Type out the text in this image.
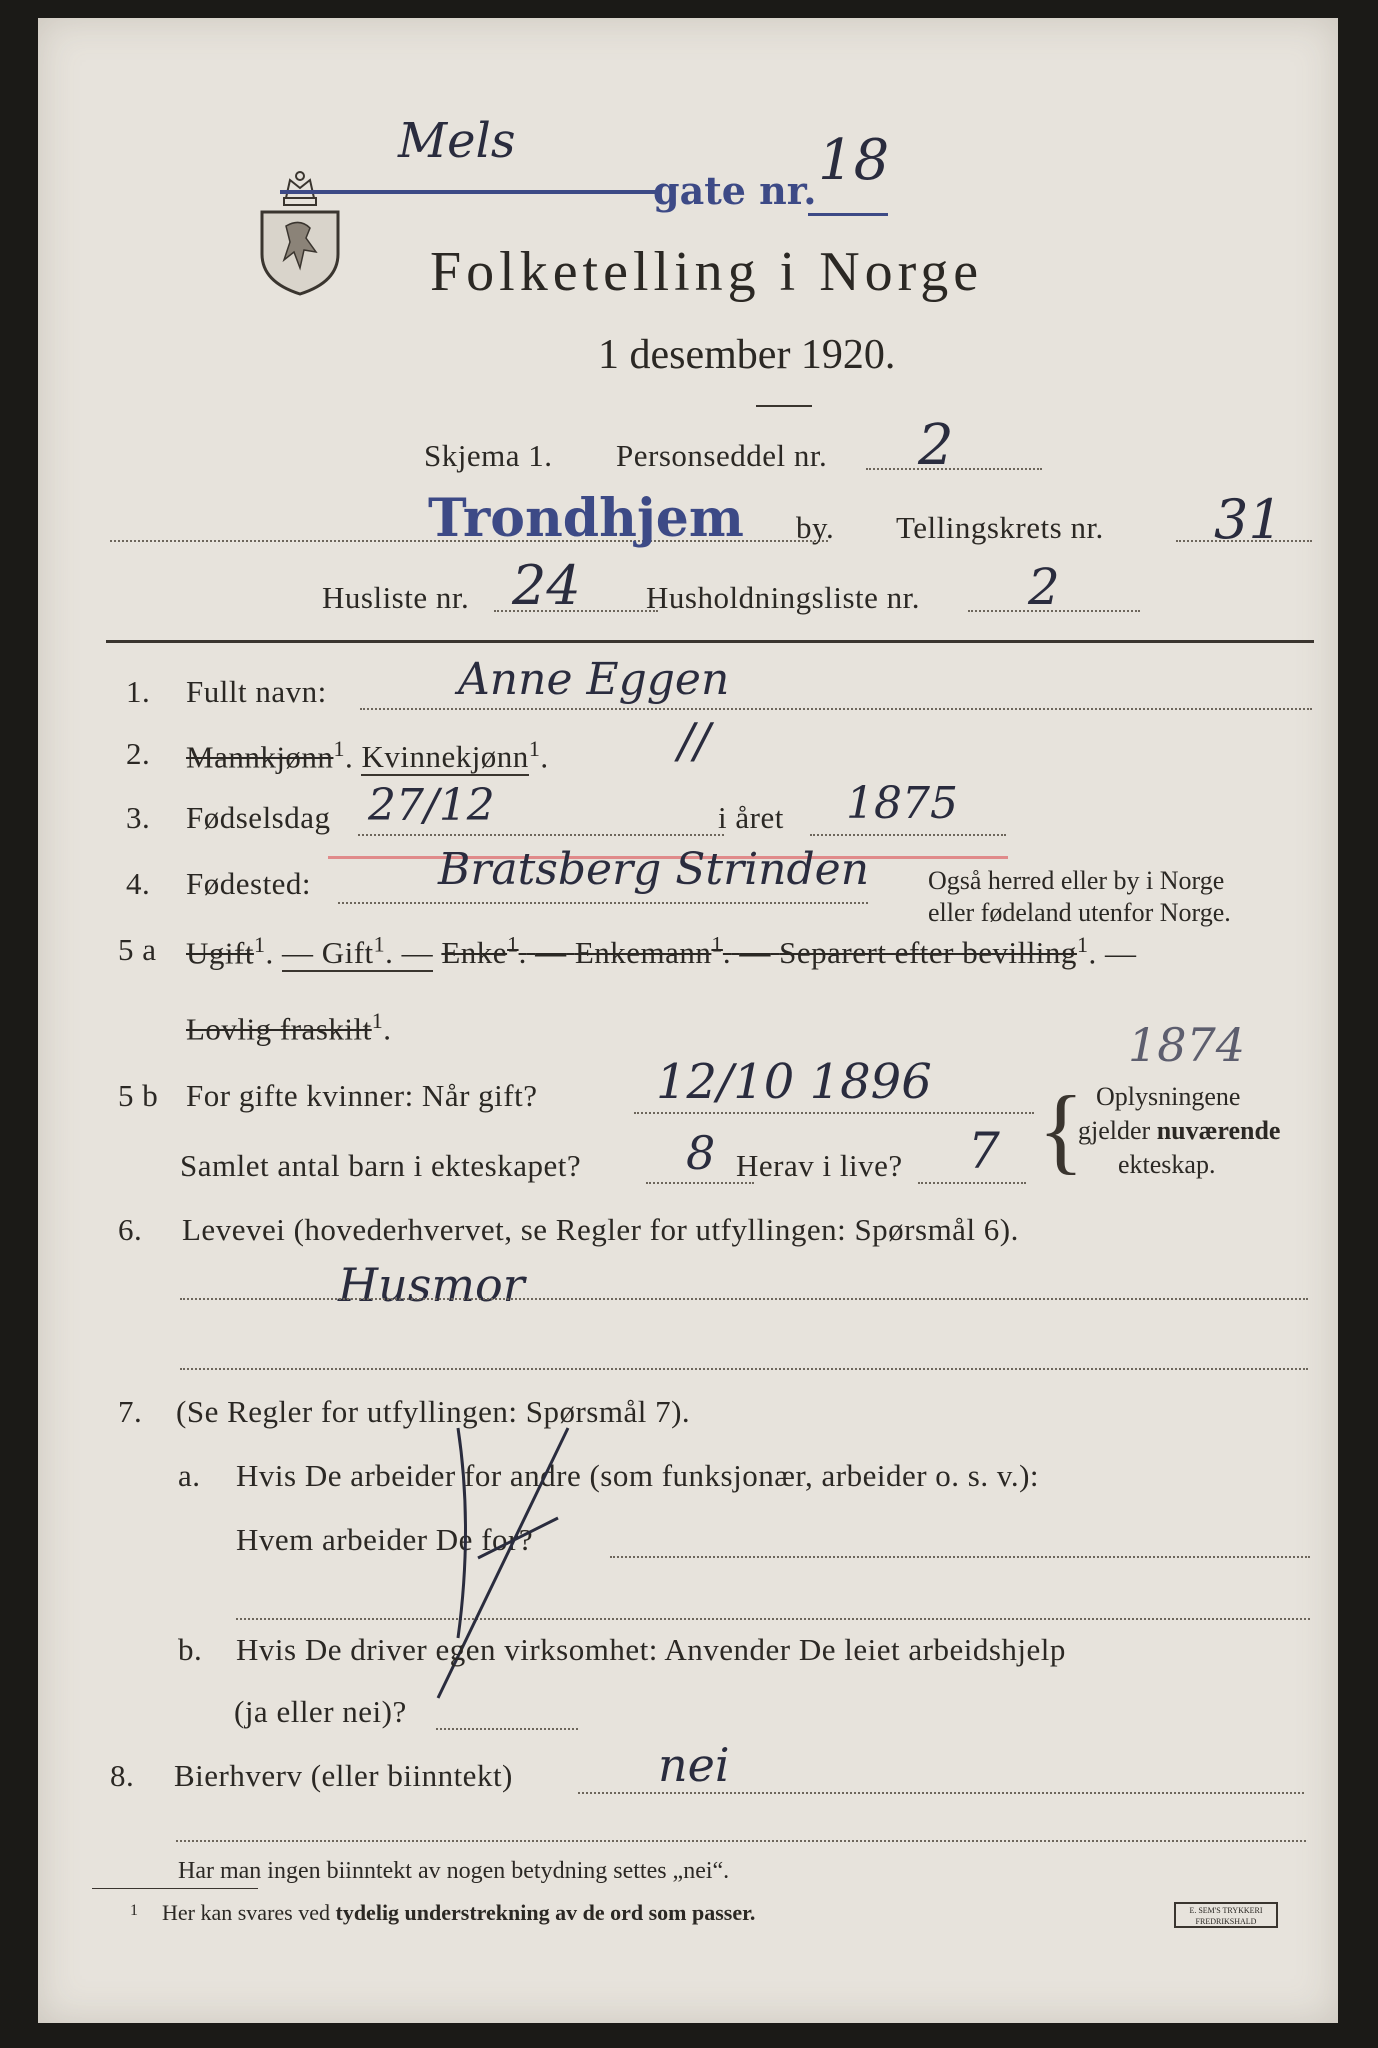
Mels
gate nr. 18
Folketelling i Norge
1 desember 1920.
Skjema 1. Personseddel nr. 2
Trondhjem by. Tellingskrets nr. 31
Husliste nr. 24 Husholdningsliste nr. 2
1. Fullt navn:	Anne Eggen
2. Mannkjønn$^1$. Kvinnekjønn$^1$.	//
3. Fødselsdag 27/12	i året 1875
4. Fødested:	Bratsberg Strinden Også herred eller by i Norge
eller fødeland utenfor Norge.
5 a Ugift$^1$. — Gift$^1$. — Enke$^1$. — Enkemann$^1$. — Separert efter bevilling$^1$. —
Lovlig fraskilt$^1$.	1874
5 b For gifte kvinner: Når gift? 12/10 1896
Samlet antal barn i ekteskapet? 8 Herav i live? 7 { Oplysningene
gjelder nuværende
ekteskap.
6. Levevei (hovederhvervet, se Regler for utfyllingen: Spørsmål 6).
Husmor
7. (Se Regler for utfyllingen: Spørsmål 7).
a. Hvis De arbeider for andre (som funksjonær, arbeider o. s. v.):
Hvem arbeider De for?
b. Hvis De driver egen virksomhet: Anvender De leiet arbeidshjelp
(ja eller nei)?
8. Bierhverv (eller biinntekt)	nei
Har man ingen biinntekt av nogen betydning settes „nei“.
1 Her kan svares ved tydelig understrekning av de ord som passer.	E. SEM'S TRYKKERI
FREDRIKSHALD
